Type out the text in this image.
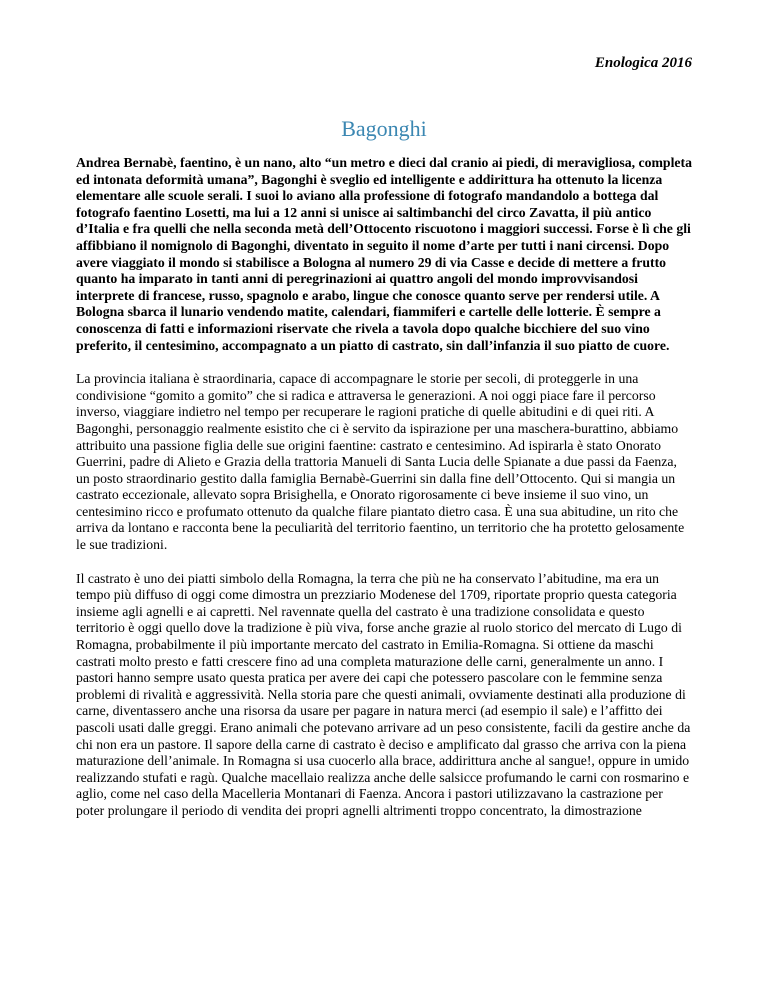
Enologica 2016
Bagonghi

Andrea Bernabè, faentino, è un nano, alto “un metro e dieci dal cranio ai piedi, di meravigliosa, completa ed intonata deformità umana”, Bagonghi è sveglio ed intelligente e addirittura ha ottenuto la licenza elementare alle scuole serali. I suoi lo aviano alla professione di fotografo mandandolo a bottega dal fotografo faentino Losetti, ma lui a 12 anni si unisce ai saltimbanchi del circo Zavatta, il più antico d’Italia e fra quelli che nella seconda metà dell’Ottocento riscuotono i maggiori successi. Forse è lì che gli affibbiano il nomignolo di Bagonghi, diventato in seguito il nome d’arte per tutti i nani circensi. Dopo avere viaggiato il mondo si stabilisce a Bologna al numero 29 di via Casse e decide di mettere a frutto quanto ha imparato in tanti anni di peregrinazioni ai quattro angoli del mondo improvvisandosi interprete di francese, russo, spagnolo e arabo, lingue che conosce quanto serve per rendersi utile. A Bologna sbarca il lunario vendendo matite, calendari, fiammiferi e cartelle delle lotterie. È sempre a conoscenza di fatti e informazioni riservate che rivela a tavola dopo qualche bicchiere del suo vino preferito, il centesimino, accompagnato a un piatto di castrato, sin dall’infanzia il suo piatto de cuore.

La provincia italiana è straordinaria, capace di accompagnare le storie per secoli, di proteggerle in una condivisione “gomito a gomito” che si radica e attraversa le generazioni. A noi oggi piace fare il percorso inverso, viaggiare indietro nel tempo per recuperare le ragioni pratiche di quelle abitudini e di quei riti. A Bagonghi, personaggio realmente esistito che ci è servito da ispirazione per una maschera-burattino, abbiamo attribuito una passione figlia delle sue origini faentine: castrato e centesimino. Ad ispirarla è stato Onorato Guerrini, padre di Alieto e Grazia della trattoria Manueli di Santa Lucia delle Spianate a due passi da Faenza, un posto straordinario gestito dalla famiglia Bernabè-Guerrini sin dalla fine dell’Ottocento. Qui si mangia un castrato eccezionale, allevato sopra Brisighella, e Onorato rigorosamente ci beve insieme il suo vino, un centesimino ricco e profumato ottenuto da qualche filare piantato dietro casa. È una sua abitudine, un rito che arriva da lontano e racconta bene la peculiarità del territorio faentino, un territorio che ha protetto gelosamente le sue tradizioni.

Il castrato è uno dei piatti simbolo della Romagna, la terra che più ne ha conservato l’abitudine, ma era un tempo più diffuso di oggi come dimostra un prezziario Modenese del 1709, riportate proprio questa categoria insieme agli agnelli e ai capretti. Nel ravennate quella del castrato è una tradizione consolidata e questo territorio è oggi quello dove la tradizione è più viva, forse anche grazie al ruolo storico del mercato di Lugo di Romagna, probabilmente il più importante mercato del castrato in Emilia-Romagna. Si ottiene da maschi castrati molto presto e fatti crescere fino ad una completa maturazione delle carni, generalmente un anno. I pastori hanno sempre usato questa pratica per avere dei capi che potessero pascolare con le femmine senza problemi di rivalità e aggressività. Nella storia pare che questi animali, ovviamente destinati alla produzione di carne, diventassero anche una risorsa da usare per pagare in natura merci (ad esempio il sale) e l’affitto dei pascoli usati dalle greggi. Erano animali che potevano arrivare ad un peso consistente, facili da gestire anche da chi non era un pastore. Il sapore della carne di castrato è deciso e amplificato dal grasso che arriva con la piena maturazione dell’animale. In Romagna si usa cuocerlo alla brace, addirittura anche al sangue!, oppure in umido realizzando stufati e ragù. Qualche macellaio realizza anche delle salsicce profumando le carni con rosmarino e aglio, come nel caso della Macelleria Montanari di Faenza. Ancora i pastori utilizzavano la castrazione per poter prolungare il periodo di vendita dei propri agnelli altrimenti troppo concentrato, la dimostrazione
